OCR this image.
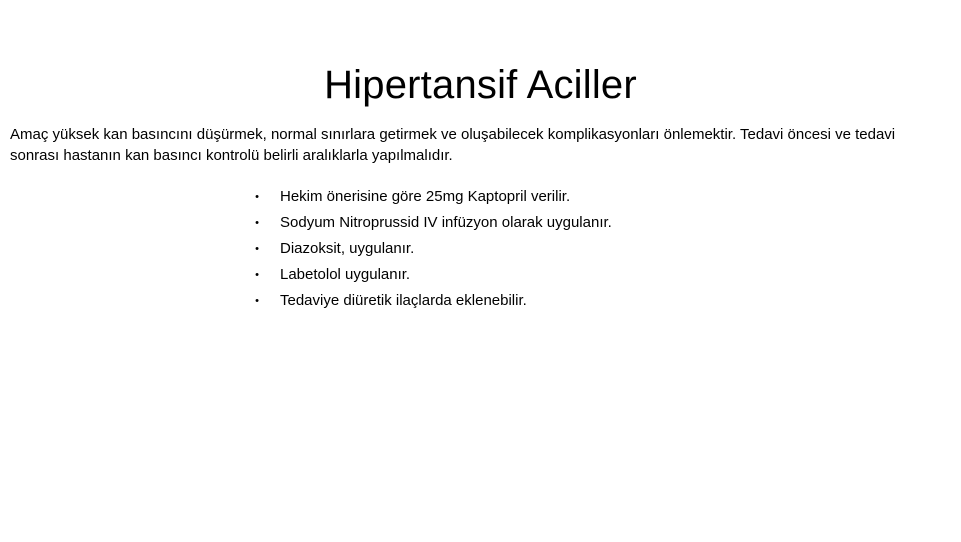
Hipertansif Aciller

Amaç yüksek kan basıncını düşürmek, normal sınırlara getirmek ve oluşabilecek komplikasyonları önlemektir. Tedavi öncesi ve tedavi sonrası hastanın kan basıncı kontrolü belirli aralıklarla yapılmalıdır.

•	Hekim önerisine göre 25mg Kaptopril verilir.
•	Sodyum Nitroprussid IV infüzyon olarak uygulanır.
•	Diazoksit, uygulanır.
•	Labetolol uygulanır.
•	Tedaviye diüretik ilaçlarda eklenebilir.
